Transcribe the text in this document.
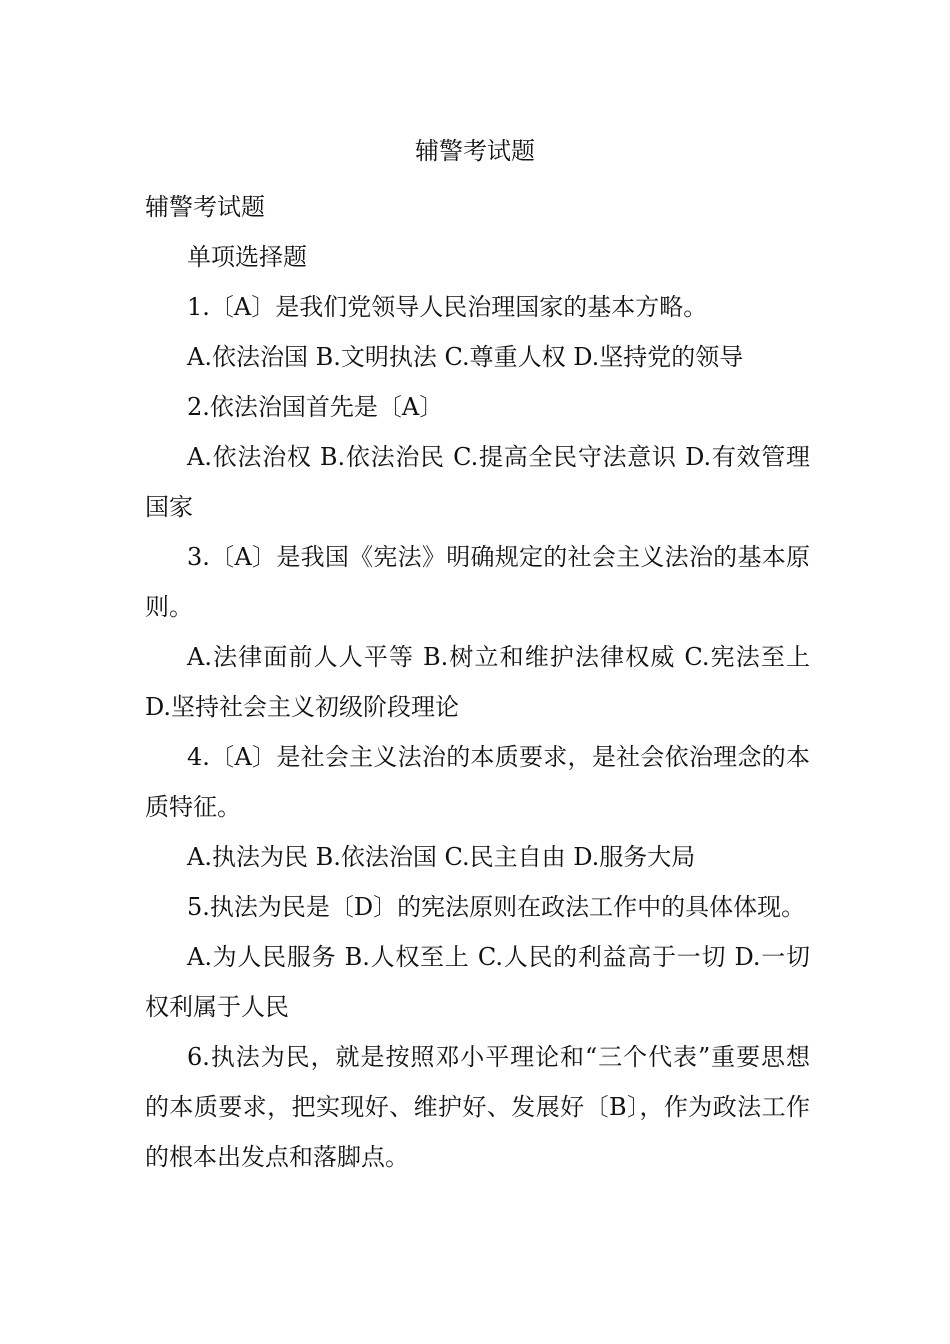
辅警考试题

辅警考试题

单项选择题

1.〔A〕是我们党领导人民治理国家的基本方略。

A.依法治国 B.文明执法 C.尊重人权 D.坚持党的领导

2.依法治国首先是〔A〕

A.依法治权 B.依法治民 C.提高全民守法意识 D.有效管理国家

3.〔A〕是我国《宪法》明确规定的社会主义法治的基本原则。

A.法律面前人人平等 B.树立和维护法律权威 C.宪法至上 D.坚持社会主义初级阶段理论

4.〔A〕是社会主义法治的本质要求，是社会依治理念的本质特征。

A.执法为民 B.依法治国 C.民主自由 D.服务大局

5.执法为民是〔D〕的宪法原则在政法工作中的具体体现。

A.为人民服务 B.人权至上 C.人民的利益高于一切 D.一切权利属于人民

6.执法为民，就是按照邓小平理论和“三个代表”重要思想的本质要求，把实现好、维护好、发展好〔B〕，作为政法工作的根本出发点和落脚点。
